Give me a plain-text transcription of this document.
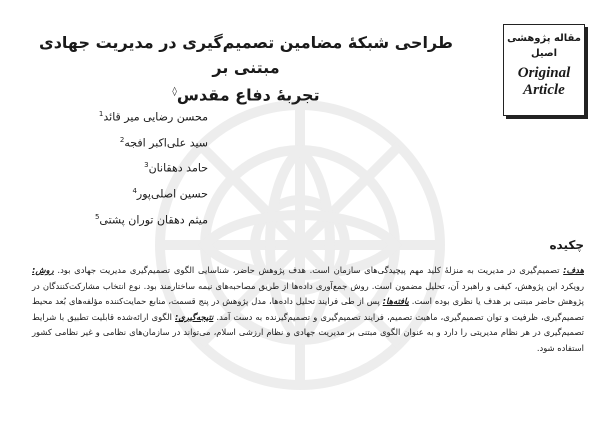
مقاله پژوهشی
اصیل
Original
Article
طراحی شبکهٔ مضامین تصمیم‌گیری در مدیریت جهادی مبتنی بر
تجربهٔ دفاع مقدس◊
محسن رضایی میر قائد$^1$
سید علی‌اکبر افجه$^2$
حامد دهقانان$^3$
حسین اصلی‌پور$^4$
میثم دهقان توران پشتی$^5$
چکیده
هدف: تصمیم‌گیری در مدیریت به منزلهٔ کلید مهم پیچیدگی‌های سازمان است. هدف پژوهش حاضر، شناسایی الگوی تصمیم‌گیری مدیریت جهادی بود. روش: رویکرد این پژوهش، کیفی و راهبرد آن، تحلیل مضمون است. روش جمع‌آوری داده‌ها از طریق مصاحبه‌های نیمه ساختارمند بود. نوع انتخاب مشارکت‌کنندگان در پژوهش حاضر مبتنی بر هدف یا نظری بوده است. یافته‌ها: پس از طی فرایند تحلیل داده‌ها، مدل پژوهش در پنج قسمت، منابع حمایت‌کننده مؤلفه‌های بُعد محیط تصمیم‌گیری، ظرفیت و توان تصمیم‌گیری، ماهیت تصمیم، فرایند تصمیم‌گیری و تصمیم‌گیرنده به دست آمد. نتیجه‌گیری: الگوی ارائه‌شده قابلیت تطبیق با شرایط تصمیم‌گیری در هر نظام مدیریتی را دارد و به عنوان الگوی مبتنی بر مدیریت جهادی و نظام ارزشی اسلام، می‌تواند در سازمان‌های نظامی و غیر نظامی کشور استفاده شود.
